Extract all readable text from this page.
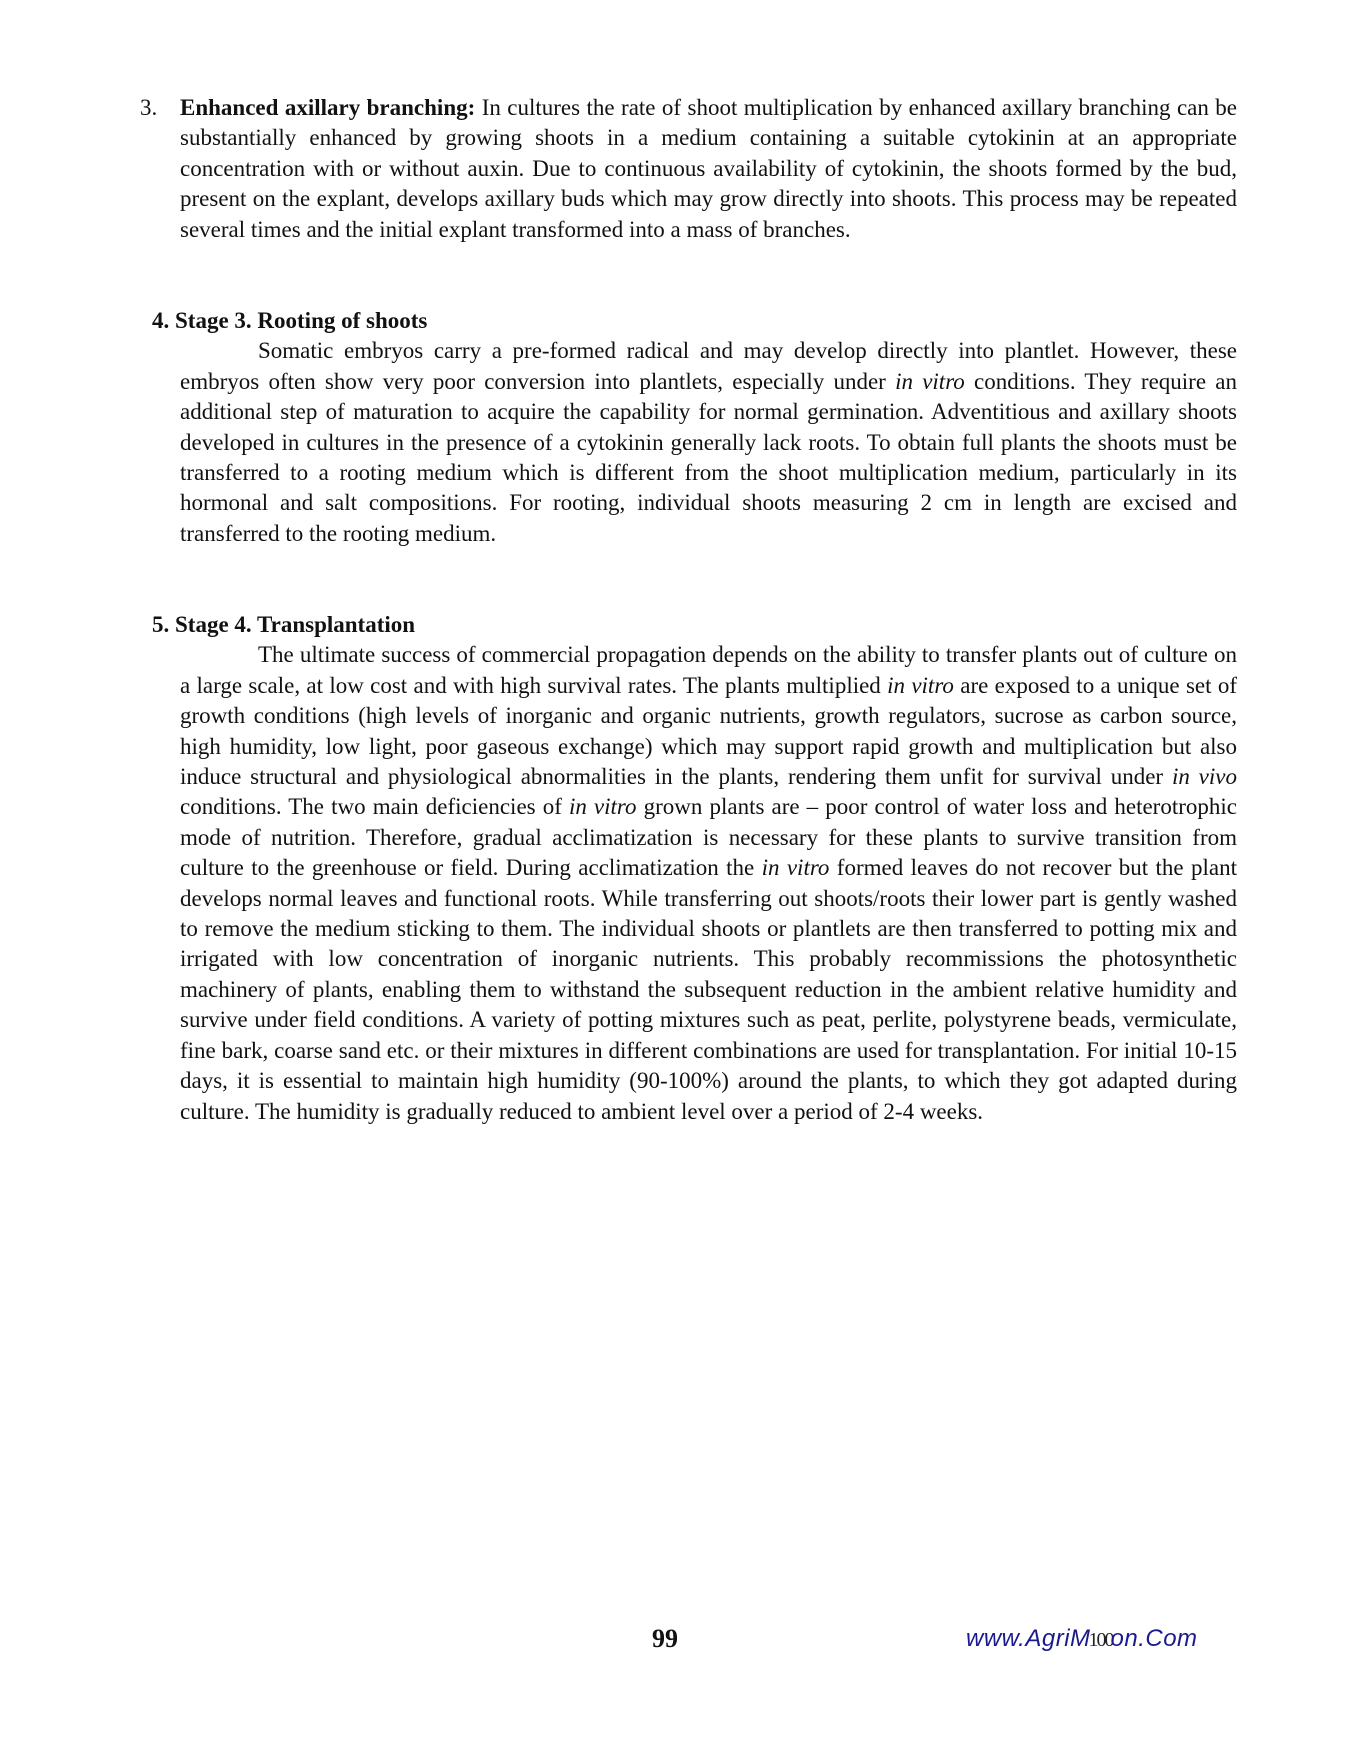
3. Enhanced axillary branching: In cultures the rate of shoot multiplication by enhanced axillary branching can be substantially enhanced by growing shoots in a medium containing a suitable cytokinin at an appropriate concentration with or without auxin. Due to continuous availability of cytokinin, the shoots formed by the bud, present on the explant, develops axillary buds which may grow directly into shoots. This process may be repeated several times and the initial explant transformed into a mass of branches.
4. Stage 3. Rooting of shoots
Somatic embryos carry a pre-formed radical and may develop directly into plantlet. However, these embryos often show very poor conversion into plantlets, especially under in vitro conditions. They require an additional step of maturation to acquire the capability for normal germination. Adventitious and axillary shoots developed in cultures in the presence of a cytokinin generally lack roots. To obtain full plants the shoots must be transferred to a rooting medium which is different from the shoot multiplication medium, particularly in its hormonal and salt compositions. For rooting, individual shoots measuring 2 cm in length are excised and transferred to the rooting medium.
5. Stage 4. Transplantation
The ultimate success of commercial propagation depends on the ability to transfer plants out of culture on a large scale, at low cost and with high survival rates. The plants multiplied in vitro are exposed to a unique set of growth conditions (high levels of inorganic and organic nutrients, growth regulators, sucrose as carbon source, high humidity, low light, poor gaseous exchange) which may support rapid growth and multiplication but also induce structural and physiological abnormalities in the plants, rendering them unfit for survival under in vivo conditions. The two main deficiencies of in vitro grown plants are – poor control of water loss and heterotrophic mode of nutrition. Therefore, gradual acclimatization is necessary for these plants to survive transition from culture to the greenhouse or field. During acclimatization the in vitro formed leaves do not recover but the plant develops normal leaves and functional roots. While transferring out shoots/roots their lower part is gently washed to remove the medium sticking to them. The individual shoots or plantlets are then transferred to potting mix and irrigated with low concentration of inorganic nutrients. This probably recommissions the photosynthetic machinery of plants, enabling them to withstand the subsequent reduction in the ambient relative humidity and survive under field conditions. A variety of potting mixtures such as peat, perlite, polystyrene beads, vermiculate, fine bark, coarse sand etc. or their mixtures in different combinations are used for transplantation. For initial 10-15 days, it is essential to maintain high humidity (90-100%) around the plants, to which they got adapted during culture. The humidity is gradually reduced to ambient level over a period of 2-4 weeks.
99	www.AgriM100on.Com
